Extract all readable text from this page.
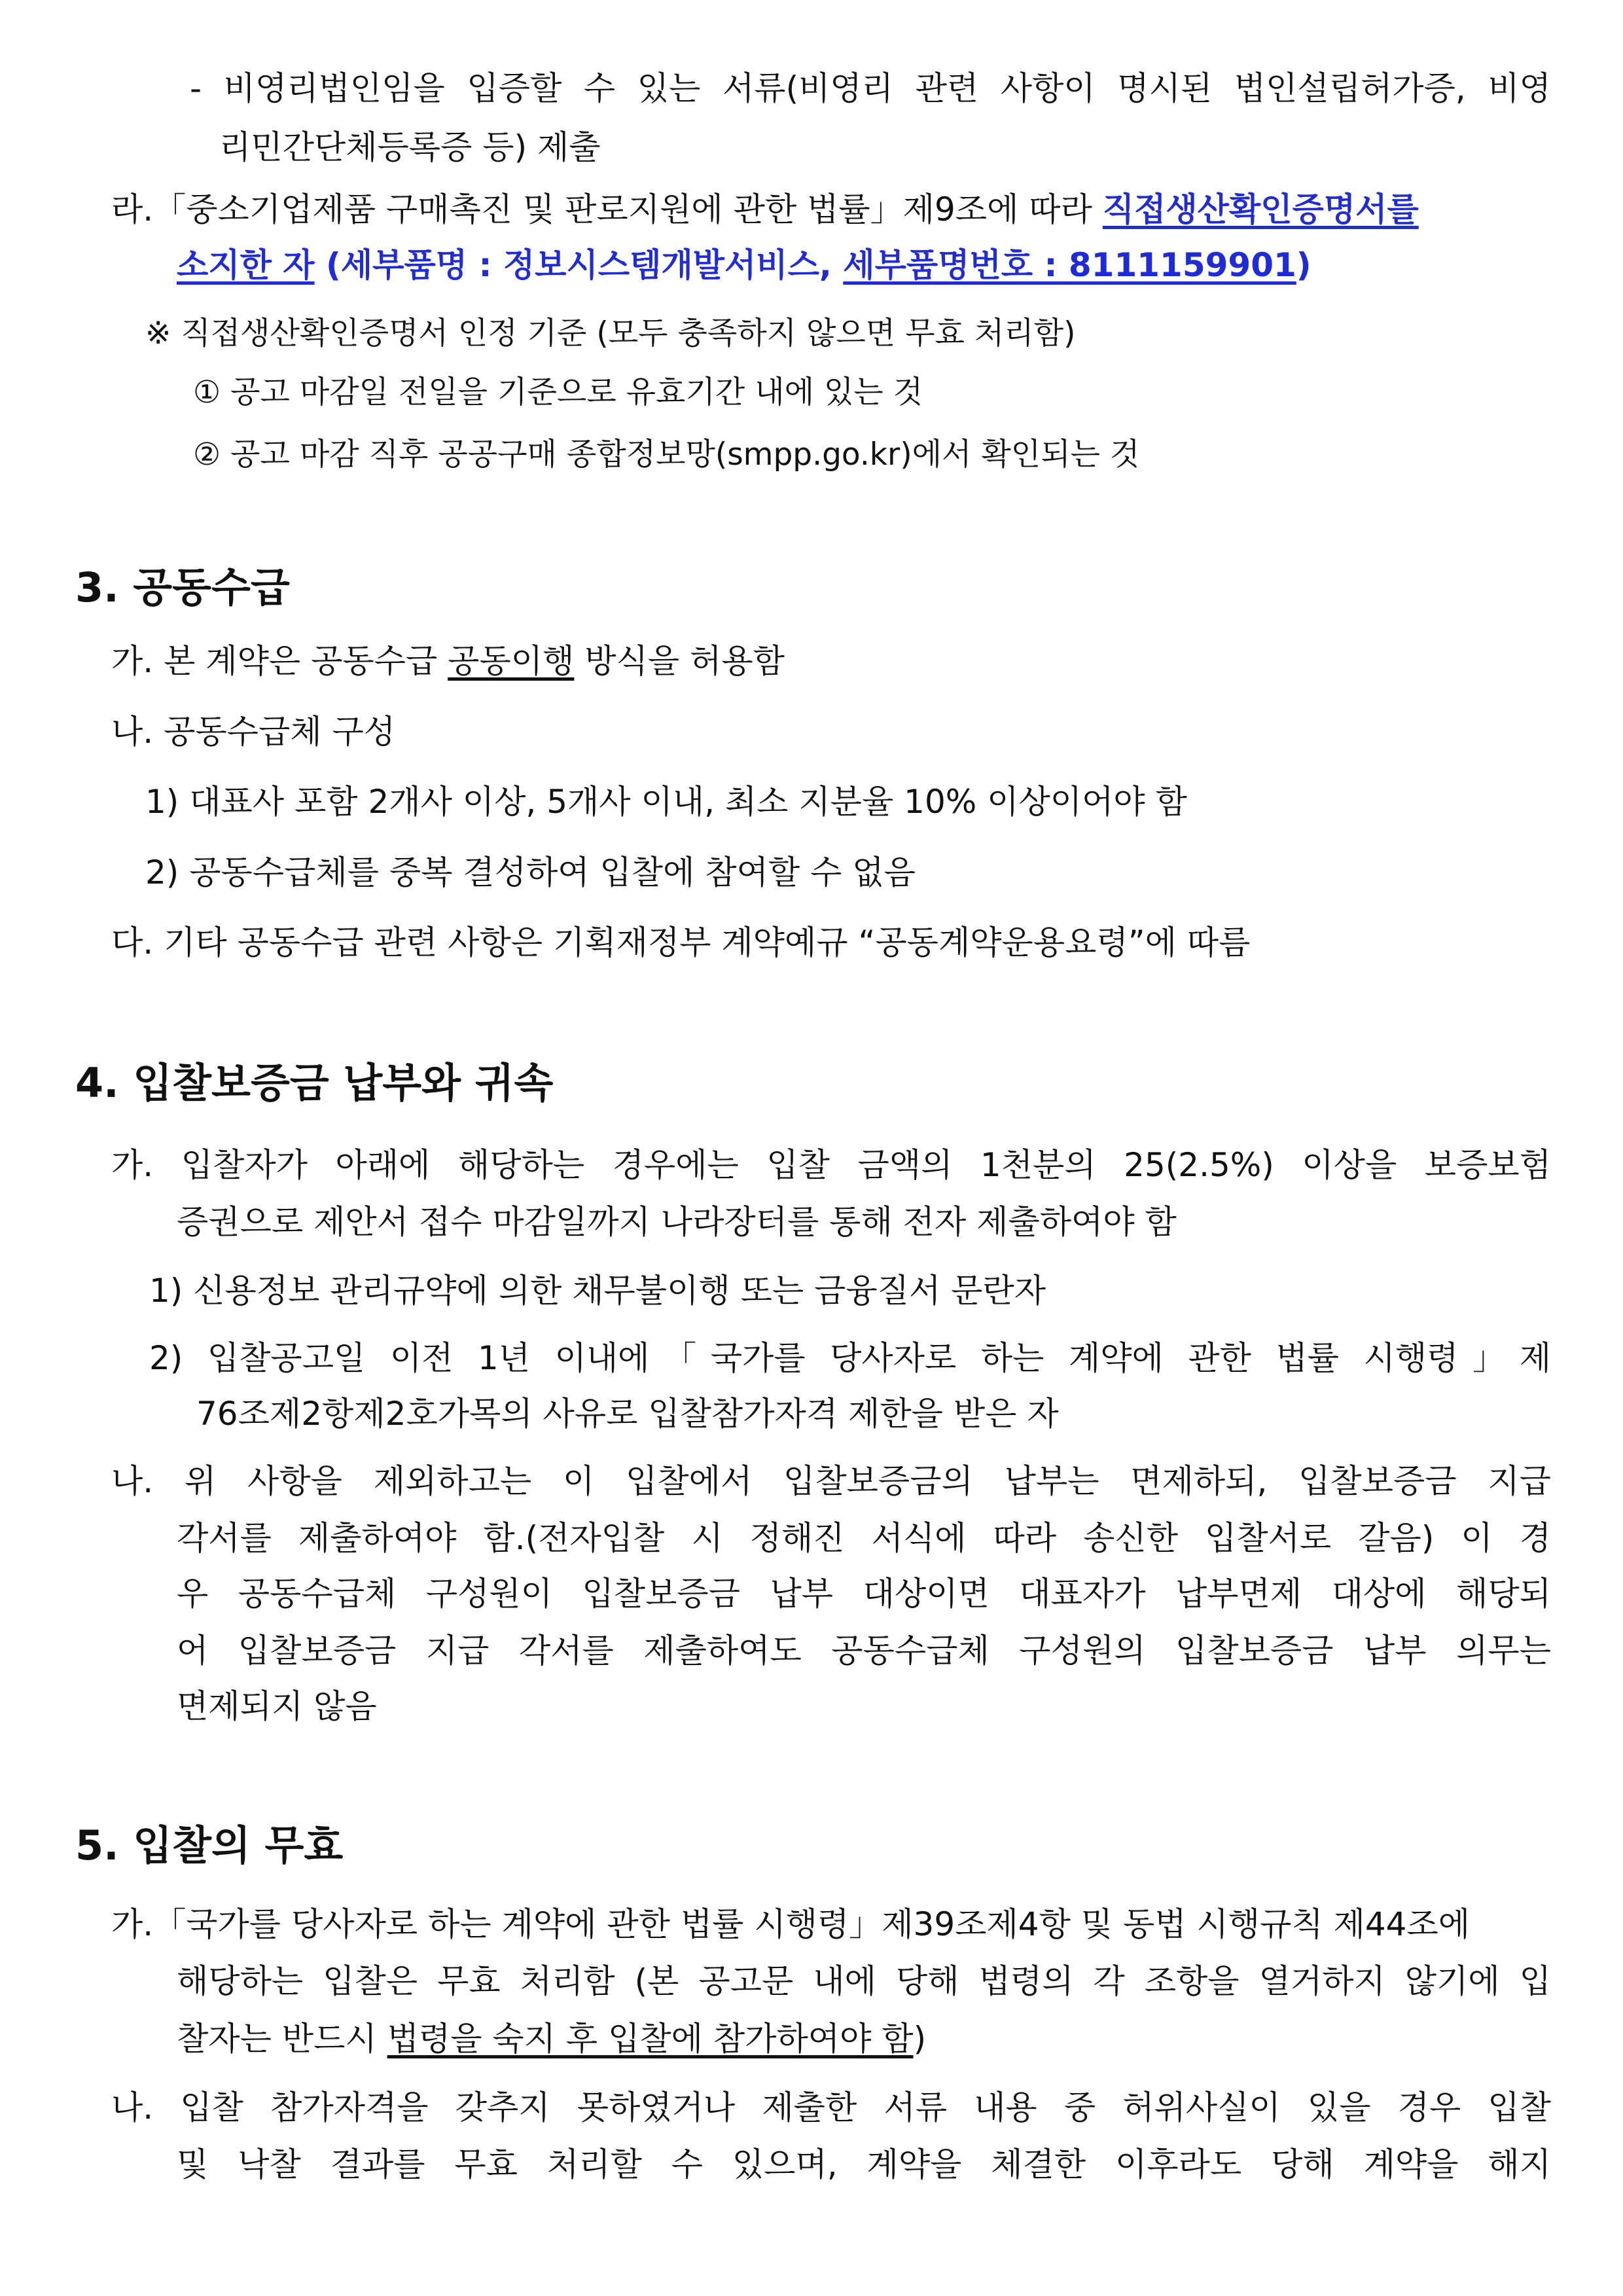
- 비영리법인임을 입증할 수 있는 서류(비영리 관련 사항이 명시된 법인설립허가증, 비영
리민간단체등록증 등) 제출
라.「중소기업제품 구매촉진 및 판로지원에 관한 법률」제9조에 따라 직접생산확인증명서를
소지한 자 (세부품명 : 정보시스템개발서비스, 세부품명번호 : 8111159901)
※ 직접생산확인증명서 인정 기준 (모두 충족하지 않으면 무효 처리함)
① 공고 마감일 전일을 기준으로 유효기간 내에 있는 것
② 공고 마감 직후 공공구매 종합정보망(smpp.go.kr)에서 확인되는 것
3. 공동수급
가. 본 계약은 공동수급 공동이행 방식을 허용함
나. 공동수급체 구성
1) 대표사 포함 2개사 이상, 5개사 이내, 최소 지분율 10% 이상이어야 함
2) 공동수급체를 중복 결성하여 입찰에 참여할 수 없음
다. 기타 공동수급 관련 사항은 기획재정부 계약예규 “공동계약운용요령”에 따름
4. 입찰보증금 납부와 귀속
가. 입찰자가 아래에 해당하는 경우에는 입찰 금액의 1천분의 25(2.5%) 이상을 보증보험
증권으로 제안서 접수 마감일까지 나라장터를 통해 전자 제출하여야 함
1) 신용정보 관리규약에 의한 채무불이행 또는 금융질서 문란자
2) 입찰공고일 이전 1년 이내에「국가를 당사자로 하는 계약에 관한 법률 시행령」제
76조제2항제2호가목의 사유로 입찰참가자격 제한을 받은 자
나. 위 사항을 제외하고는 이 입찰에서 입찰보증금의 납부는 면제하되, 입찰보증금 지급
각서를 제출하여야 함.(전자입찰 시 정해진 서식에 따라 송신한 입찰서로 갈음) 이 경
우 공동수급체 구성원이 입찰보증금 납부 대상이면 대표자가 납부면제 대상에 해당되
어 입찰보증금 지급 각서를 제출하여도 공동수급체 구성원의 입찰보증금 납부 의무는
면제되지 않음
5. 입찰의 무효
가.「국가를 당사자로 하는 계약에 관한 법률 시행령」제39조제4항 및 동법 시행규칙 제44조에
해당하는 입찰은 무효 처리함 (본 공고문 내에 당해 법령의 각 조항을 열거하지 않기에 입
찰자는 반드시 법령을 숙지 후 입찰에 참가하여야 함)
나. 입찰 참가자격을 갖추지 못하였거나 제출한 서류 내용 중 허위사실이 있을 경우 입찰
및 낙찰 결과를 무효 처리할 수 있으며, 계약을 체결한 이후라도 당해 계약을 해지
